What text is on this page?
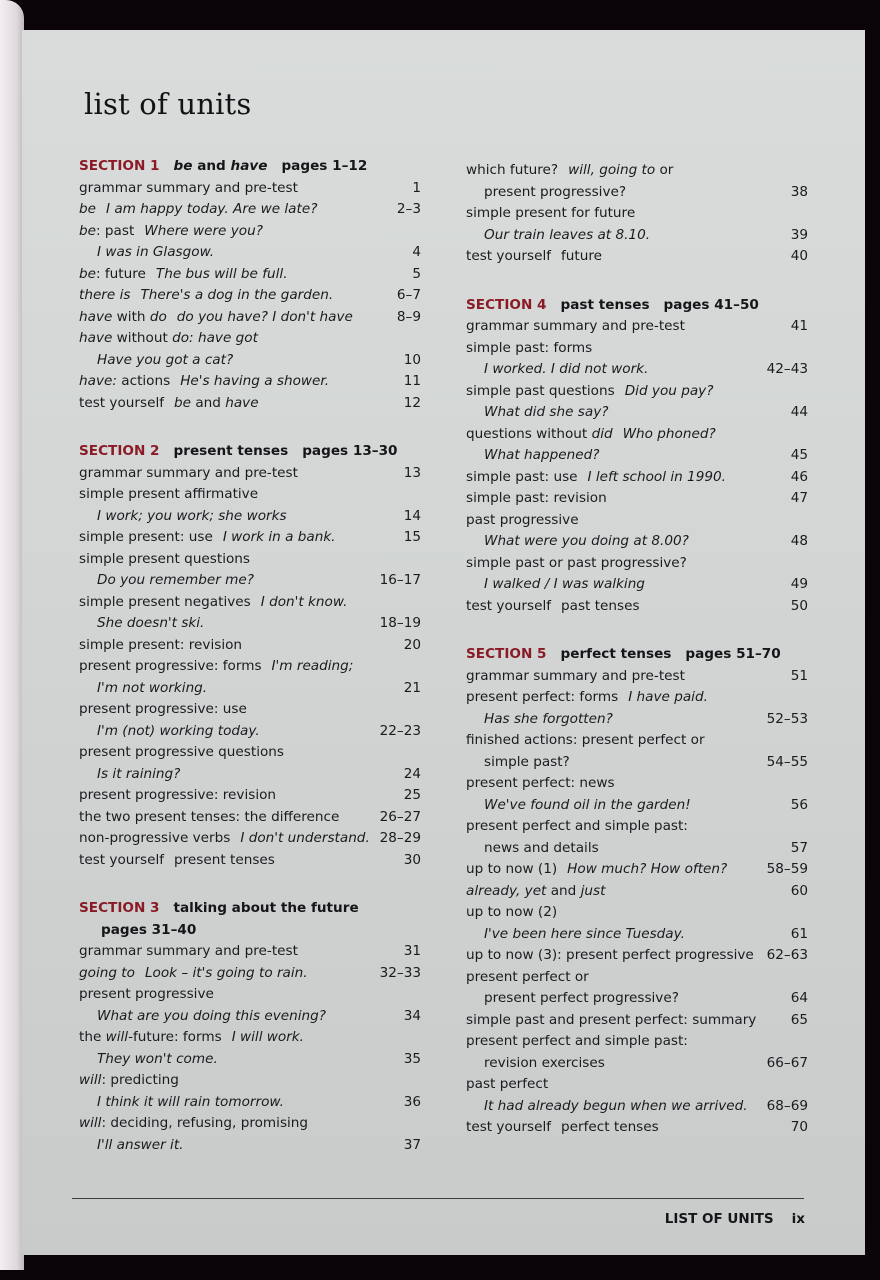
list of units
SECTION 1 be and have pages 1–12
grammar summary and pre-test	1
be I am happy today. Are we late?	2–3
be: past Where were you?
I was in Glasgow.	4
be: future The bus will be full.	5
there is There's a dog in the garden.	6–7
have with do do you have? I don't have	8–9
have without do: have got
Have you got a cat?	10
have: actions He's having a shower.	11
test yourself be and have	12
SECTION 2 present tenses pages 13–30
grammar summary and pre-test	13
simple present affirmative
I work; you work; she works	14
simple present: use I work in a bank.	15
simple present questions
Do you remember me?	16–17
simple present negatives I don't know.
She doesn't ski.	18–19
simple present: revision	20
present progressive: forms I'm reading;
I'm not working.	21
present progressive: use
I'm (not) working today.	22–23
present progressive questions
Is it raining?	24
present progressive: revision	25
the two present tenses: the difference	26–27
non-progressive verbs I don't understand. 28–29
test yourself present tenses	30
SECTION 3 talking about the future
pages 31–40
grammar summary and pre-test	31
going to Look – it's going to rain.	32–33
present progressive
What are you doing this evening?	34
the will-future: forms I will work.
They won't come.	35
will: predicting
I think it will rain tomorrow.	36
will: deciding, refusing, promising
I'll answer it.	37
which future? will, going to or
present progressive?	38
simple present for future
Our train leaves at 8.10.	39
test yourself future	40
SECTION 4 past tenses pages 41–50
grammar summary and pre-test	41
simple past: forms
I worked. I did not work.	42–43
simple past questions Did you pay?
What did she say?	44
questions without did Who phoned?
What happened?	45
simple past: use I left school in 1990.	46
simple past: revision	47
past progressive
What were you doing at 8.00?	48
simple past or past progressive?
I walked / I was walking	49
test yourself past tenses	50
SECTION 5 perfect tenses pages 51–70
grammar summary and pre-test	51
present perfect: forms I have paid.
Has she forgotten?	52–53
finished actions: present perfect or
simple past?	54–55
present perfect: news
We've found oil in the garden!	56
present perfect and simple past:
news and details	57
up to now (1) How much? How often?	58–59
already, yet and just	60
up to now (2)
I've been here since Tuesday.	61
up to now (3): present perfect progressive 62–63
present perfect or
present perfect progressive?	64
simple past and present perfect: summary	65
present perfect and simple past:
revision exercises	66–67
past perfect
It had already begun when we arrived. 68–69
test yourself perfect tenses	70
LIST OF UNITS ix
